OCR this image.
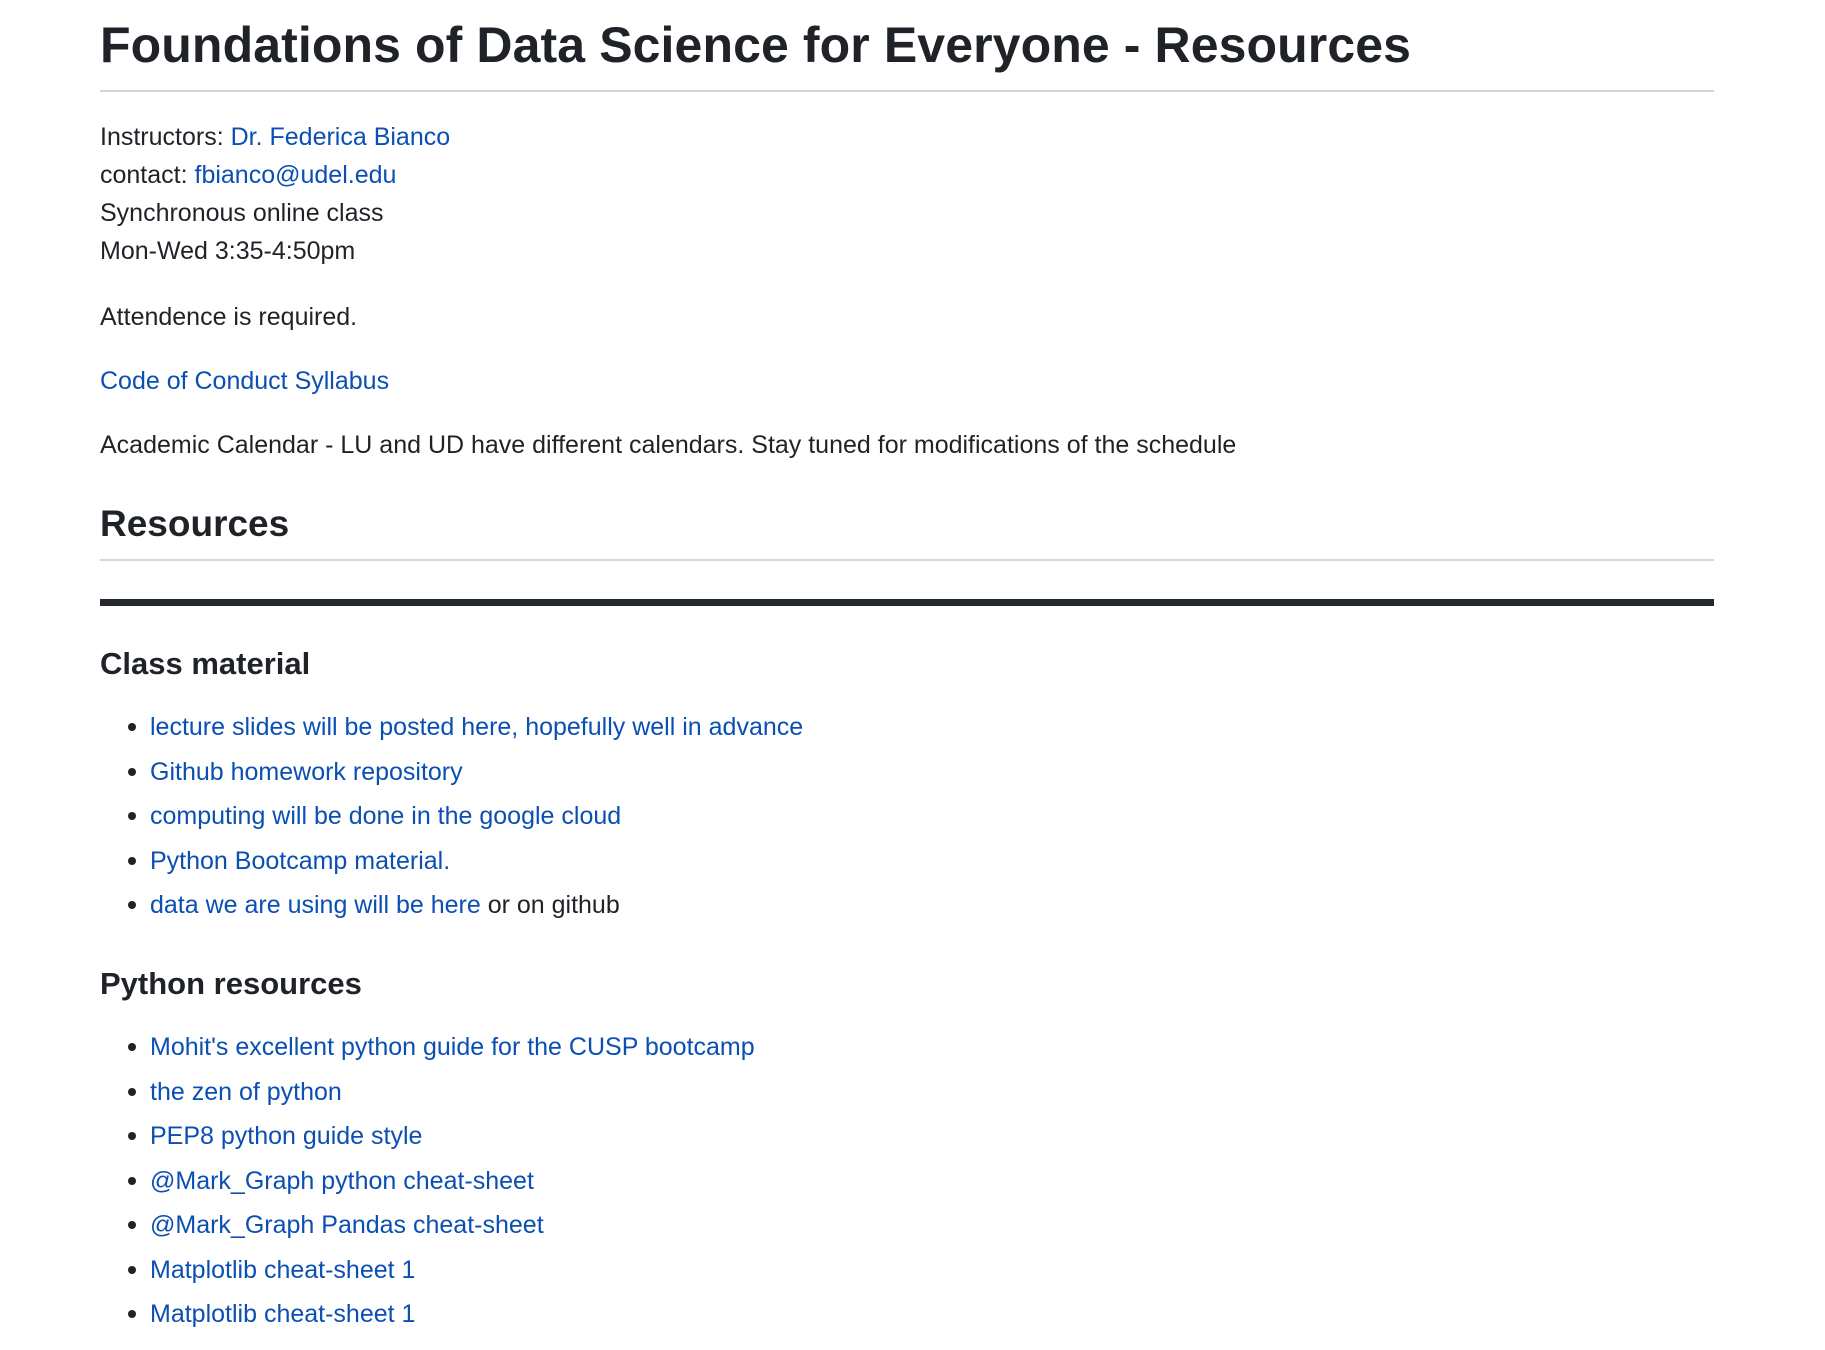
Foundations of Data Science for Everyone - Resources
Instructors: Dr. Federica Bianco
contact: fbianco@udel.edu
Synchronous online class
Mon-Wed 3:35-4:50pm
Attendence is required.
Code of Conduct Syllabus
Academic Calendar - LU and UD have different calendars. Stay tuned for modifications of the schedule
Resources
Class material
lecture slides will be posted here, hopefully well in advance
Github homework repository
computing will be done in the google cloud
Python Bootcamp material.
data we are using will be here or on github
Python resources
Mohit's excellent python guide for the CUSP bootcamp
the zen of python
PEP8 python guide style
@Mark_Graph python cheat-sheet
@Mark_Graph Pandas cheat-sheet
Matplotlib cheat-sheet 1
Matplotlib cheat-sheet 1
